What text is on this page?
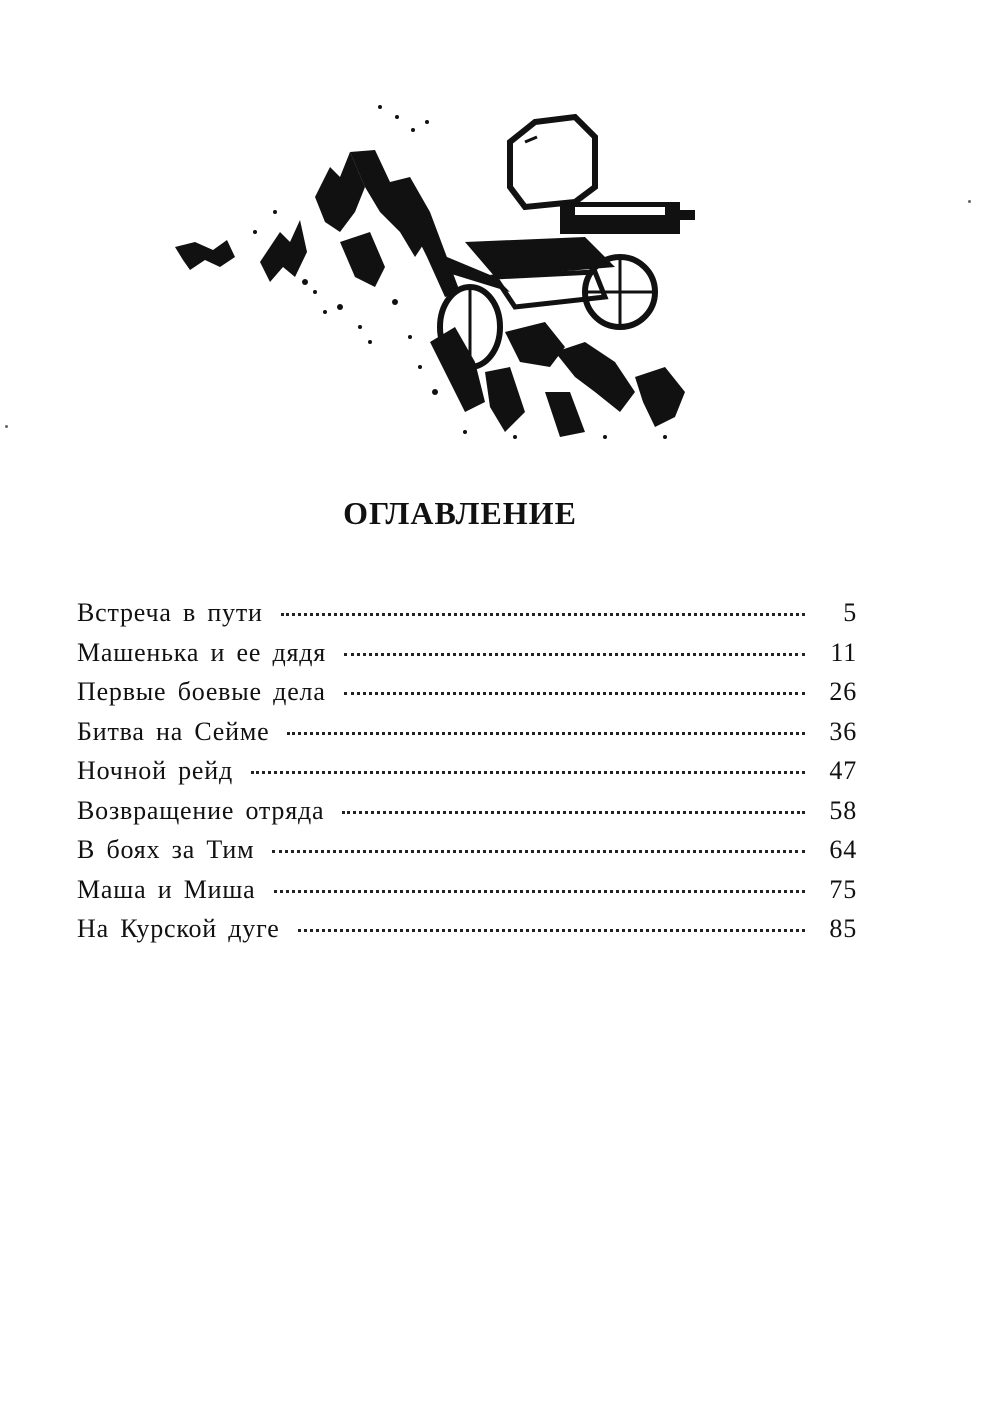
ОГЛАВЛЕНИЕ
Встреча в пути	5
Машенька и ее дядя	11
Первые боевые дела	26
Битва на Сейме	36
Ночной рейд	47
Возвращение отряда	58
В боях за Тим	64
Маша и Миша	75
На Курской дуге	85
